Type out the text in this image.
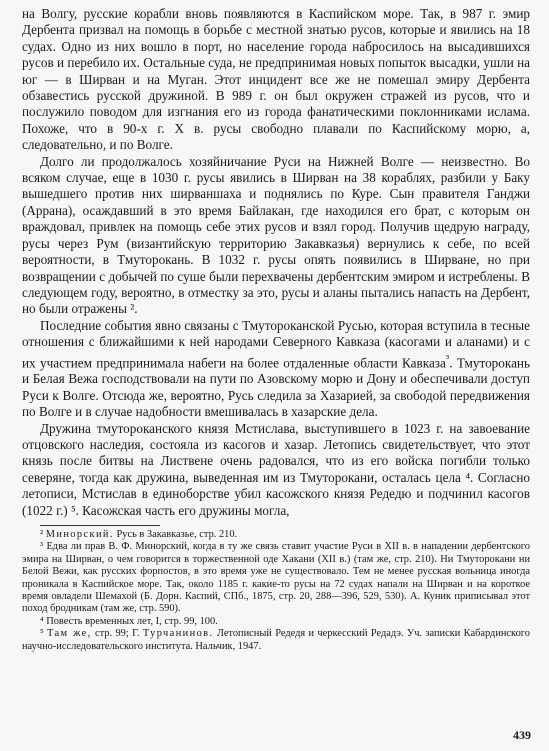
на Волгу, русские корабли вновь появляются в Каспийском море. Так, в 987 г. эмир Дербента призвал на помощь в борьбе с местной знатью русов, которые и явились на 18 судах. Одно из них вошло в порт, но население города набросилось на высадившихся русов и перебило их. Остальные суда, не предпринимая новых попыток высадки, ушли на юг — в Ширван и на Муган. Этот инцидент все же не помешал эмиру Дербента обзавестись русской дружиной. В 989 г. он был окружен стражей из русов, что и послужило поводом для изгнания его из города фанатичеcкими поклонниками ислама. Похоже, что в 90-х г. X в. русы свободно плавали по Каспийскому морю, а, следовательно, и по Волге.

Долго ли продолжалось хозяйничание Руси на Нижней Волге — неизвестно. Во всяком случае, еще в 1030 г. русы явились в Ширван на 38 кораблях, разбили у Баку вышедшего против них ширваншаха и поднялись по Куре. Сын правителя Ганджи (Аррана), осаждавший в это время Байлакан, где находился его брат, с которым он враждовал, привлек на помощь себе этих русов и взял город. Получив щедрую награду, русы через Рум (византийскую территорию Закавказья) вернулись к себе, по всей вероятности, в Тмуторокань. В 1032 г. русы опять появились в Ширване, но при возвращении с добычей по суше были перехвачены дербентским эмиром и истреблены. В следующем году, вероятно, в отместку за это, русы и аланы пытались напасть на Дербент, но были отражены ².

Последние события явно связаны с Тмутороканской Русью, которая вступила в тесные отношения с ближайшими к ней народами Северного Кавказа (касогами и аланами) и с их участием предпринимала набеги на более отдаленные области Кавказа$^{^3}$. Тмуторокань и Белая Вежа господствовали на пути по Азовскому морю и Дону и обеспечивали доступ Руси к Волге. Отсюда же, вероятно, Русь следила за Хазарией, за свободой передвижения по Волге и в случае надобности вмешивалась в хазарские дела.

Дружина тмутороканского князя Мстислава, выступившего в 1023 г. на завоевание отцовского наследия, состояла из касогов и хазар. Летопись свидетельствует, что этот князь после битвы на Листвене очень радовался, что из его войска погибли только северяне, тогда как дружина, выведенная им из Тмуторокани, осталась цела ⁴. Согласно летописи, Мстислав в единоборстве убил касожского князя Редедю и подчинил касогов (1022 г.) ⁵. Касожская часть его дружины могла,

² Минорский. Русь в Закавказье, стр. 210.

³ Едва ли прав В. Ф. Минорский, когда в ту же связь ставит участие Руси в XII в. в нападении дербентского эмира на Ширван, о чем говорится в торжественной оде Хакани (XII в.) (там же, стр. 210). Ни Тмуторокани ни Белой Вежи, как русских форпостов, в это время уже не существовало. Тем не менее русская вольница иногда проникала в Каспийское море. Так, около 1185 г. какие-то русы на 72 судах напали на Ширван и на короткое время овладели Шемахой (Б. Дорн. Каспий, СПб., 1875, стр. 20, 288—396, 529, 530). А. Куник приписывал этот поход бродникам (там же, стр. 590).

⁴ Повесть временных лет, I, стр. 99, 100.

⁵ Там же, стр. 99; Г. Турчанинов. Летописный Редедя и черкесский Редадэ. Уч. записки Кабардинского научно-исследовательского института. Нальчик, 1947.

439
